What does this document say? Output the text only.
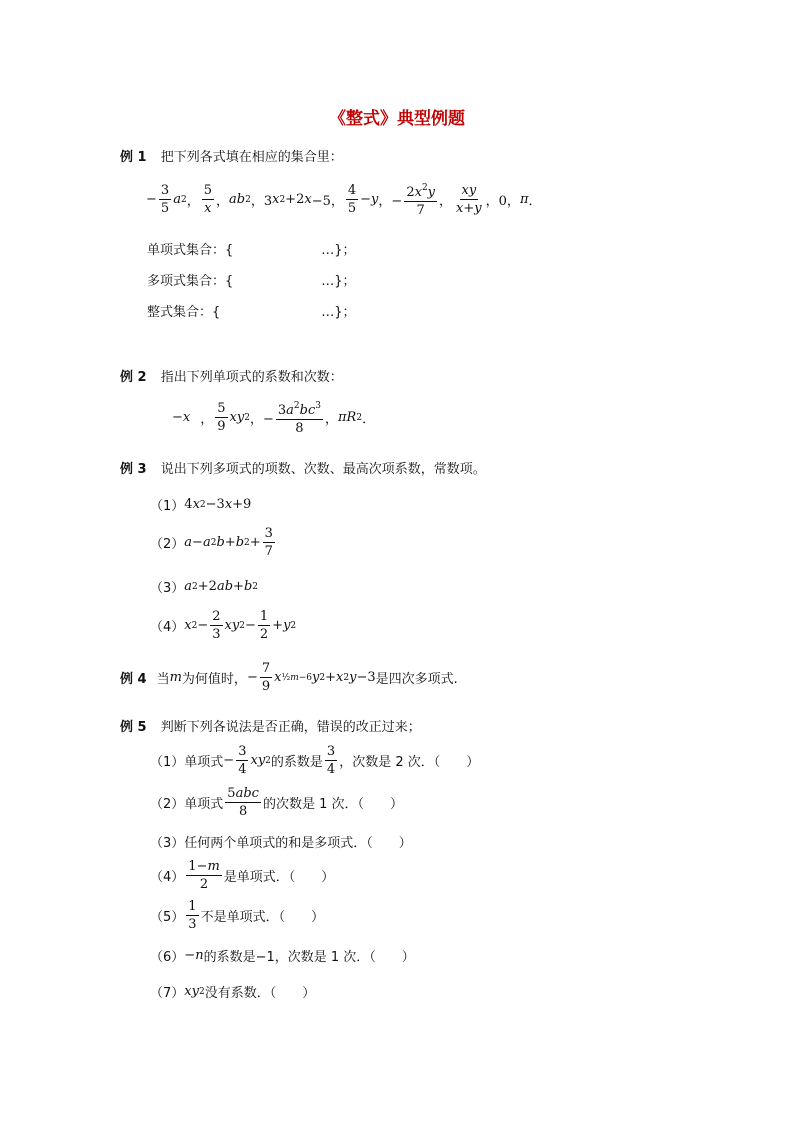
《整式》典型例题
例 1 把下列各式填在相应的集合里：
− $\frac{3}{5}$ a 2 ， $\frac{5}{x}$ ， ab 2 ，3 x 2 +2 x −5， $\frac{4}{5} - y$ ，− $\frac{2x^2y}{7}$ ， $\frac{xy}{x+y}$ ，0， π ．
单项式集合：{	…}；
多项式集合：{	…}；
整式集合：{	…}；
例 2 指出下列单项式的系数和次数：
− x ， $\frac{5}{9}$ xy 2 ，− $\frac{3a^2bc^3}{8}$ ， πR 2 ．
例 3 说出下列多项式的项数、次数、最高次项系数，常数项。
（1） 4 x 2 −3 x +9
（2） a − a 2 b + b $2 + \frac{3}{7}$
（3） a 2 +2 ab + b 2
（4） x $2 - \frac{2}{3}$ xy $2 - \frac{1}{2} + y$ 2
例 4 当 m 为何值时， − $\frac{7}{9}$ x ½m−6 y 2 + x 2 y −3 是四次多项式.
例 5 判断下列各说法是否正确，错误的改正过来；
（1） 单项式 − $\frac{3}{4}$ xy 2 的系数是 $\frac{3}{4}$ ，次数是 2 次．（　　）
（2） 单项式 $\frac{\text{5abc}}{8}$ 的次数是 1 次．（　　）
（3） 任何两个单项式的和是多项式．（　　）
$(4) \frac{1-m}{2}$ 是单项式．（　　）
$(5) \frac{1}{3}$ 不是单项式．（　　）
（6） − n 的系数是−1，次数是 1 次．（　　）
（7） xy 2 没有系数．（　　）
